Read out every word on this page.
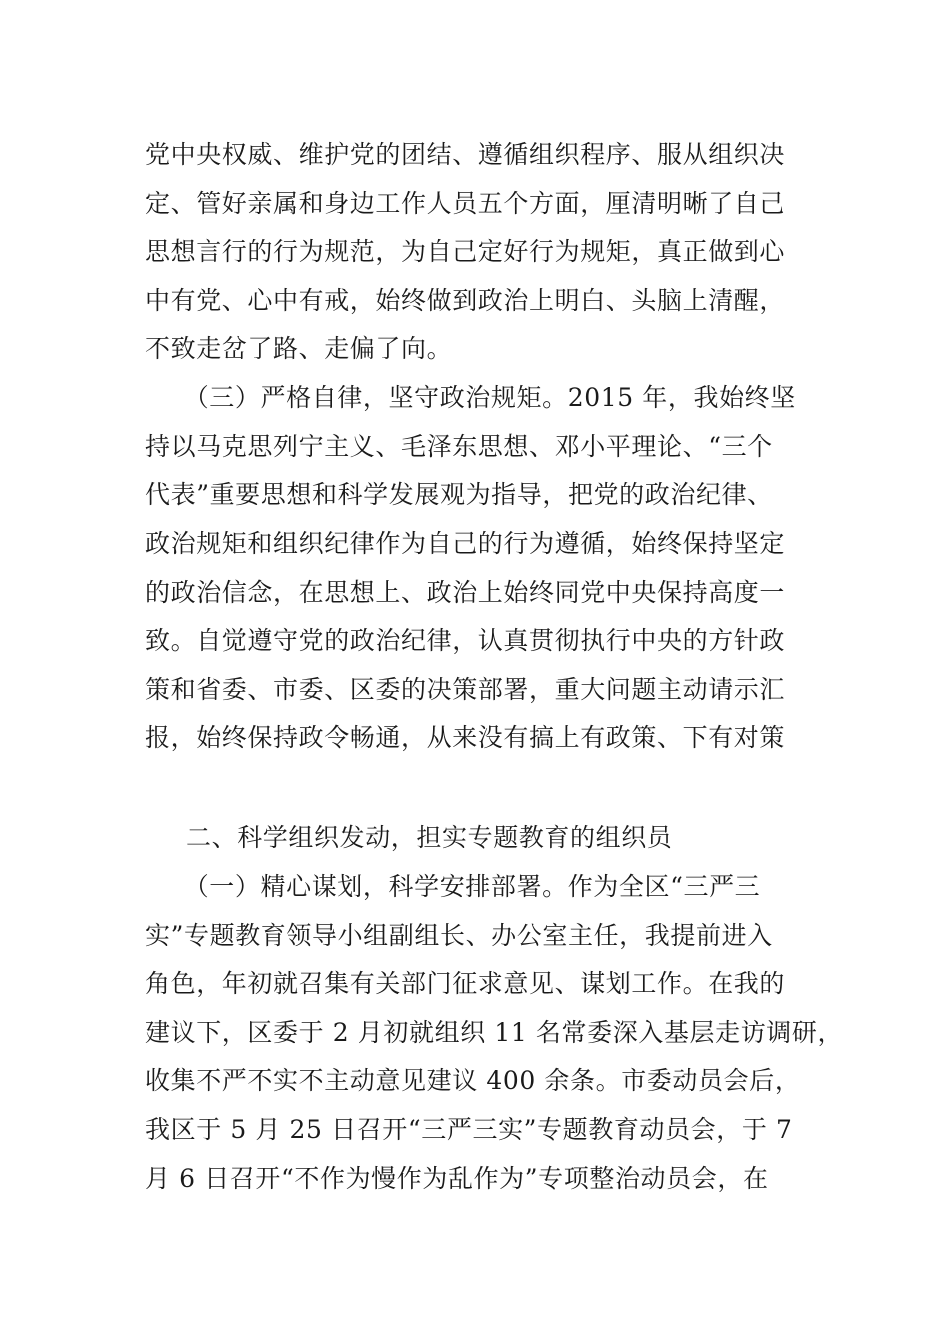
党中央权威、维护党的团结、遵循组织程序、服从组织决
定、管好亲属和身边工作人员五个方面，厘清明晰了自己
思想言行的行为规范，为自己定好行为规矩，真正做到心
中有党、心中有戒，始终做到政治上明白、头脑上清醒，
不致走岔了路、走偏了向。
　　（三）严格自律，坚守政治规矩。2015 年，我始终坚
持以马克思列宁主义、毛泽东思想、邓小平理论、“三个
代表”重要思想和科学发展观为指导，把党的政治纪律、
政治规矩和组织纪律作为自己的行为遵循，始终保持坚定
的政治信念，在思想上、政治上始终同党中央保持高度一
致。自觉遵守党的政治纪律，认真贯彻执行中央的方针政
策和省委、市委、区委的决策部署，重大问题主动请示汇
报，始终保持政令畅通，从来没有搞上有政策、下有对策
二、科学组织发动，担实专题教育的组织员
　　（一）精心谋划，科学安排部署。作为全区“三严三
实”专题教育领导小组副组长、办公室主任，我提前进入
角色，年初就召集有关部门征求意见、谋划工作。在我的
建议下，区委于 2 月初就组织 11 名常委深入基层走访调研，
收集不严不实不主动意见建议 400 余条。市委动员会后，
我区于 5 月 25 日召开“三严三实”专题教育动员会，于 7
月 6 日召开“不作为慢作为乱作为”专项整治动员会，在
